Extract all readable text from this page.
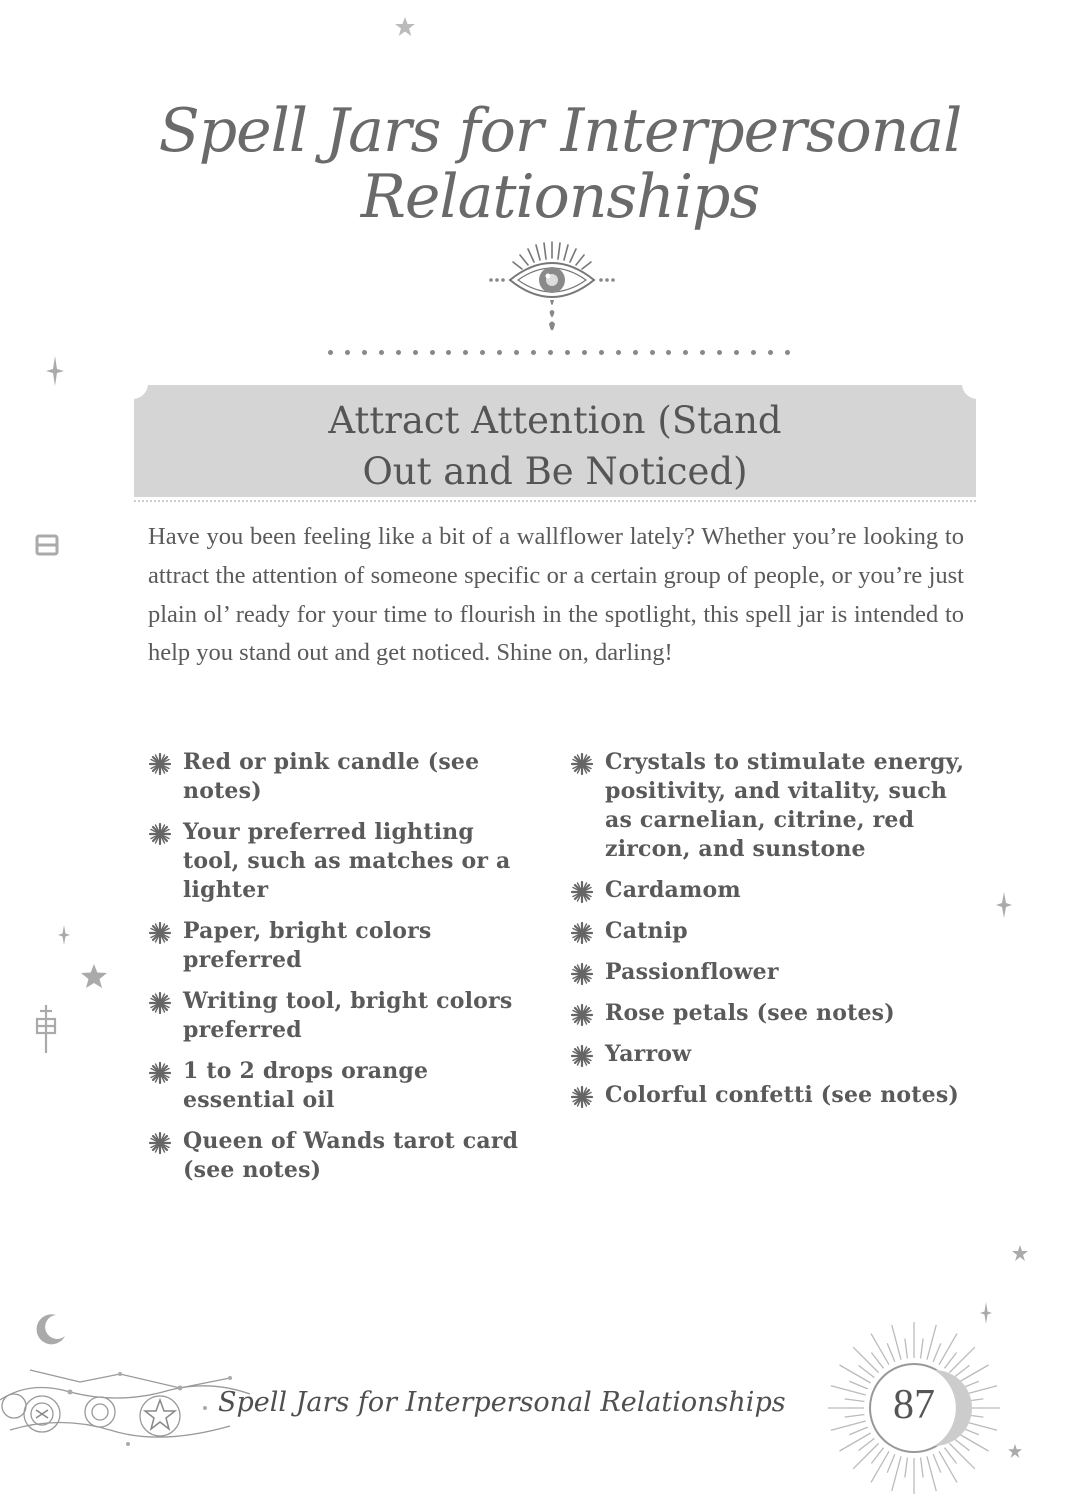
Spell Jars for Interpersonal
Relationships
Attract Attention (Stand
Out and Be Noticed)

Have you been feeling like a bit of a wallflower lately? Whether you’re looking to attract the attention of someone specific or a certain group of people, or you’re just plain ol’ ready for your time to flourish in the spotlight, this spell jar is intended to help you stand out and get noticed. Shine on, darling!

Red or pink candle (see notes)
Your preferred lighting tool, such as matches or a lighter
Paper, bright colors preferred
Writing tool, bright colors preferred
1 to 2 drops orange essential oil
Queen of Wands tarot card (see notes)
Crystals to stimulate energy, positivity, and vitality, such as carnelian, citrine, red zircon, and sunstone
Cardamom
Catnip
Passionflower
Rose petals (see notes)
Yarrow
Colorful confetti (see notes)
Spell Jars for Interpersonal Relationships	87
